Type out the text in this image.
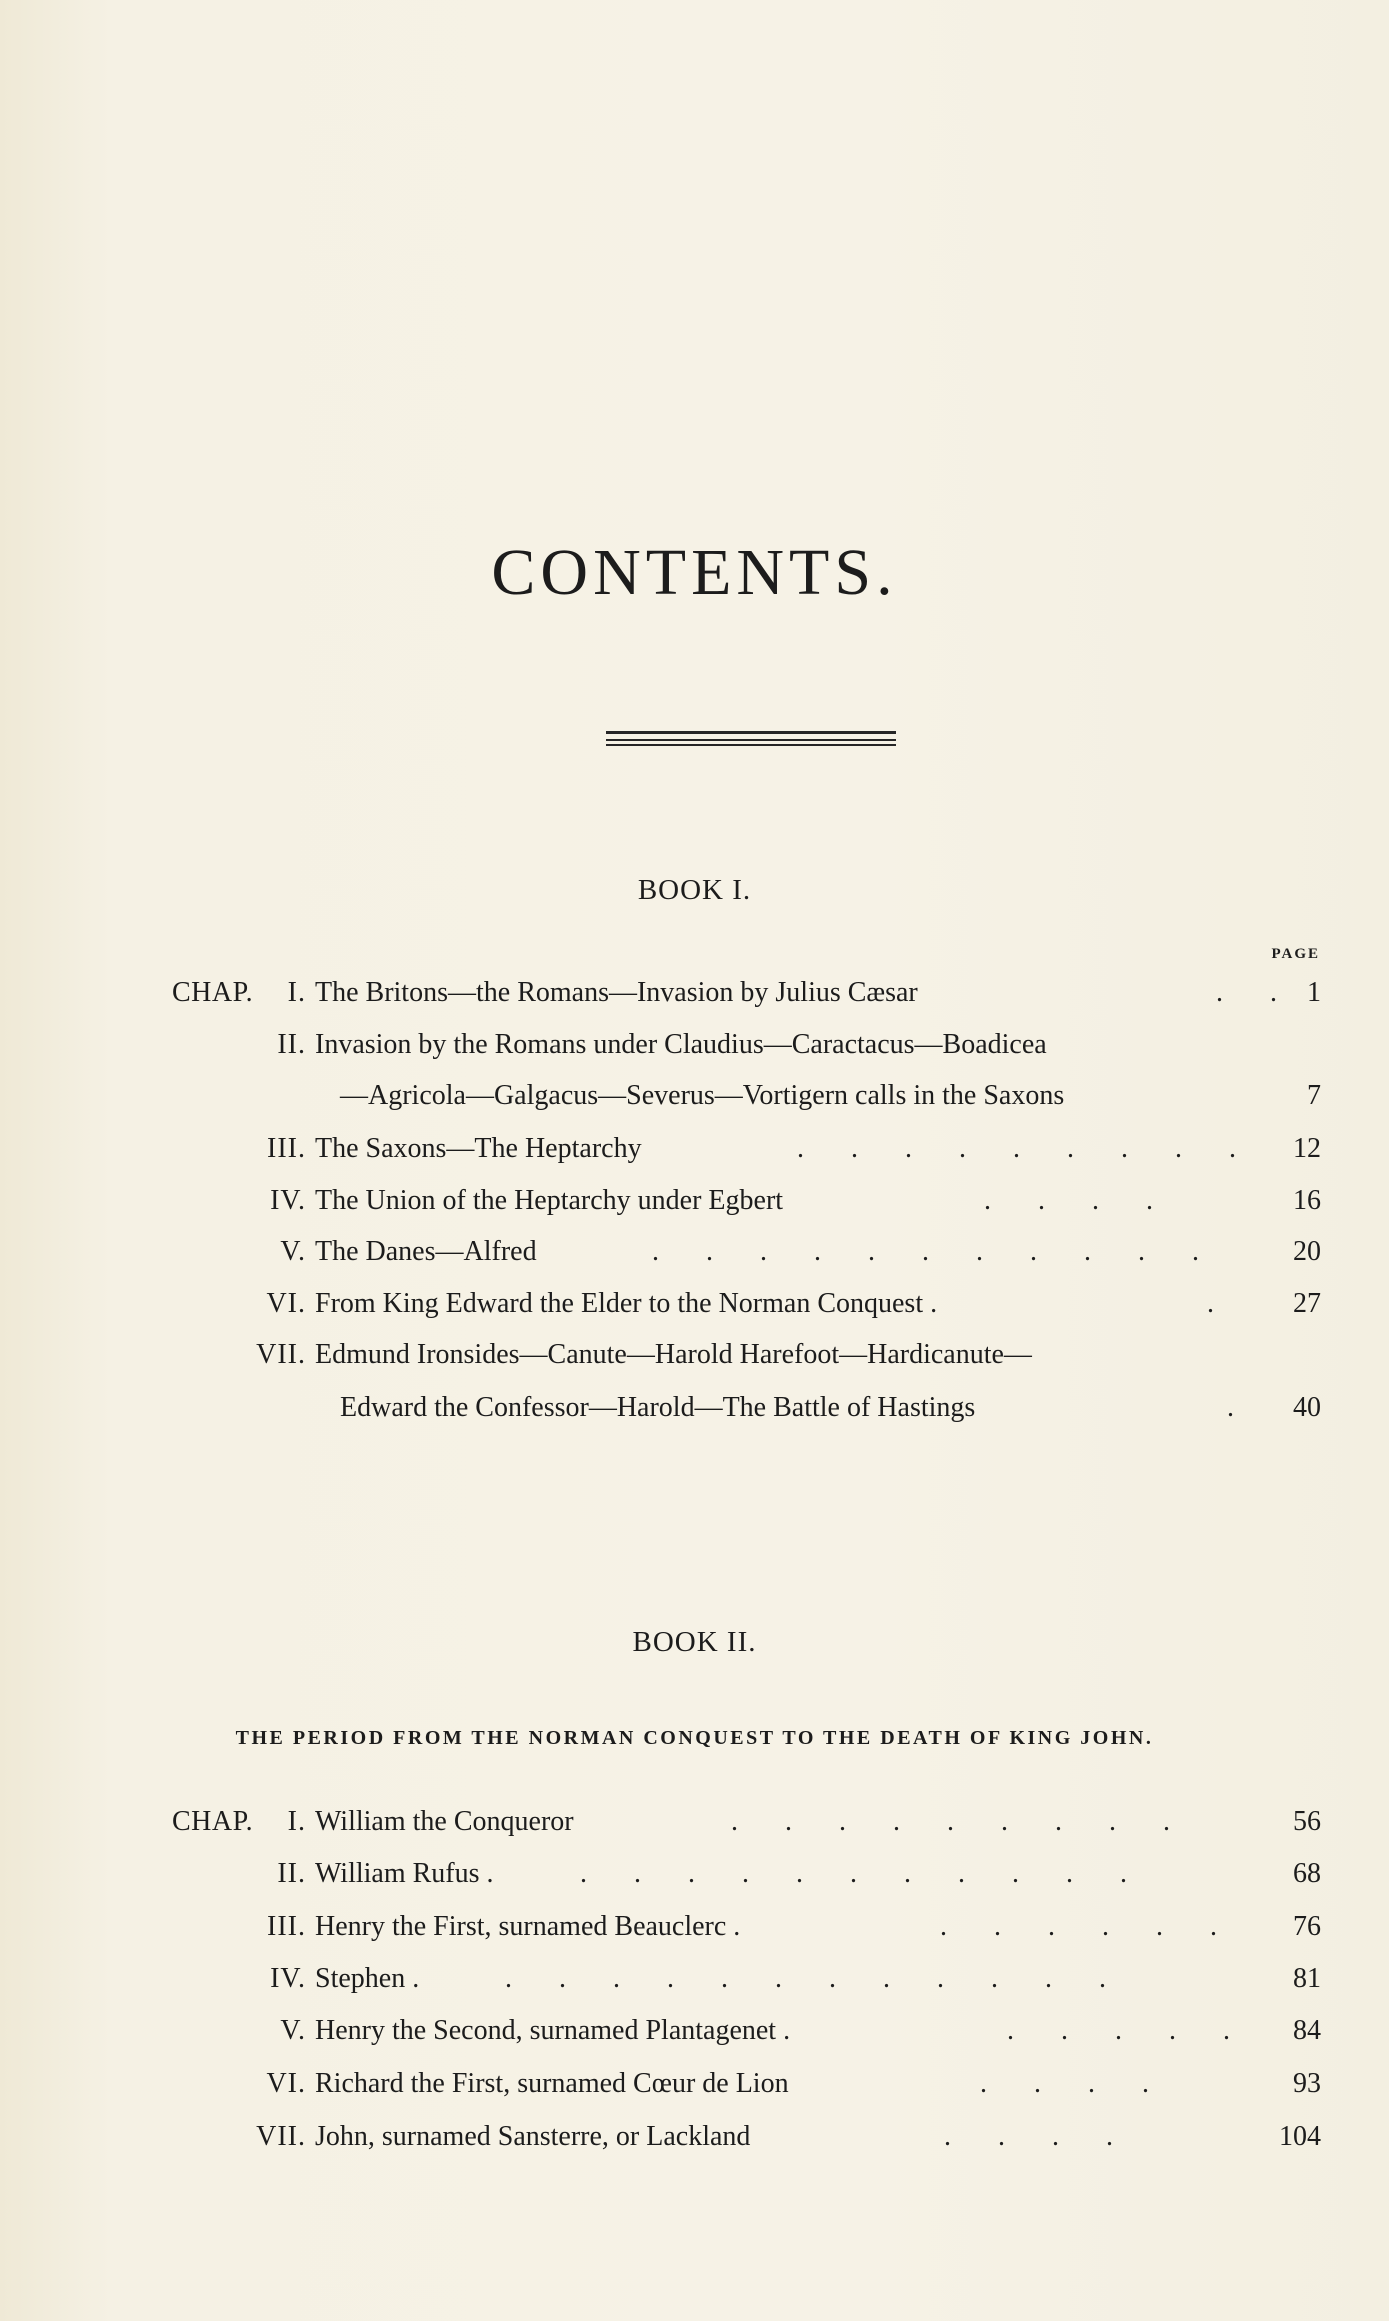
CONTENTS.
BOOK I.
PAGE
CHAP.	I. The Britons—the Romans—Invasion by Julius Cæsar	. . 1
II. Invasion by the Romans under Claudius—Caractacus—Boadicea
—Agricola—Galgacus—Severus—Vortigern calls in the Saxons	7
III. The Saxons—The Heptarchy	. . . . . . . . .	12
IV. The Union of the Heptarchy under Egbert	. . . .	16
V. The Danes—Alfred	. . . . . . . . . . .	20
VI. From King Edward the Elder to the Norman Conquest .	.	27
VII. Edmund Ironsides—Canute—Harold Harefoot—Hardicanute—
Edward the Confessor—Harold—The Battle of Hastings	.	40
BOOK II.
THE PERIOD FROM THE NORMAN CONQUEST TO THE DEATH OF KING JOHN.
CHAP.	I. William the Conqueror	. . . . . . . . .	56
II. William Rufus .	. . . . . . . . . . .	68
III. Henry the First, surnamed Beauclerc .	. . . . . .	76
IV. Stephen .	. . . . . . . . . . . .	81
V. Henry the Second, surnamed Plantagenet .	. . . . .	84
VI. Richard the First, surnamed Cœur de Lion	. . . .	93
VII. John, surnamed Sansterre, or Lackland	. . . .	104
